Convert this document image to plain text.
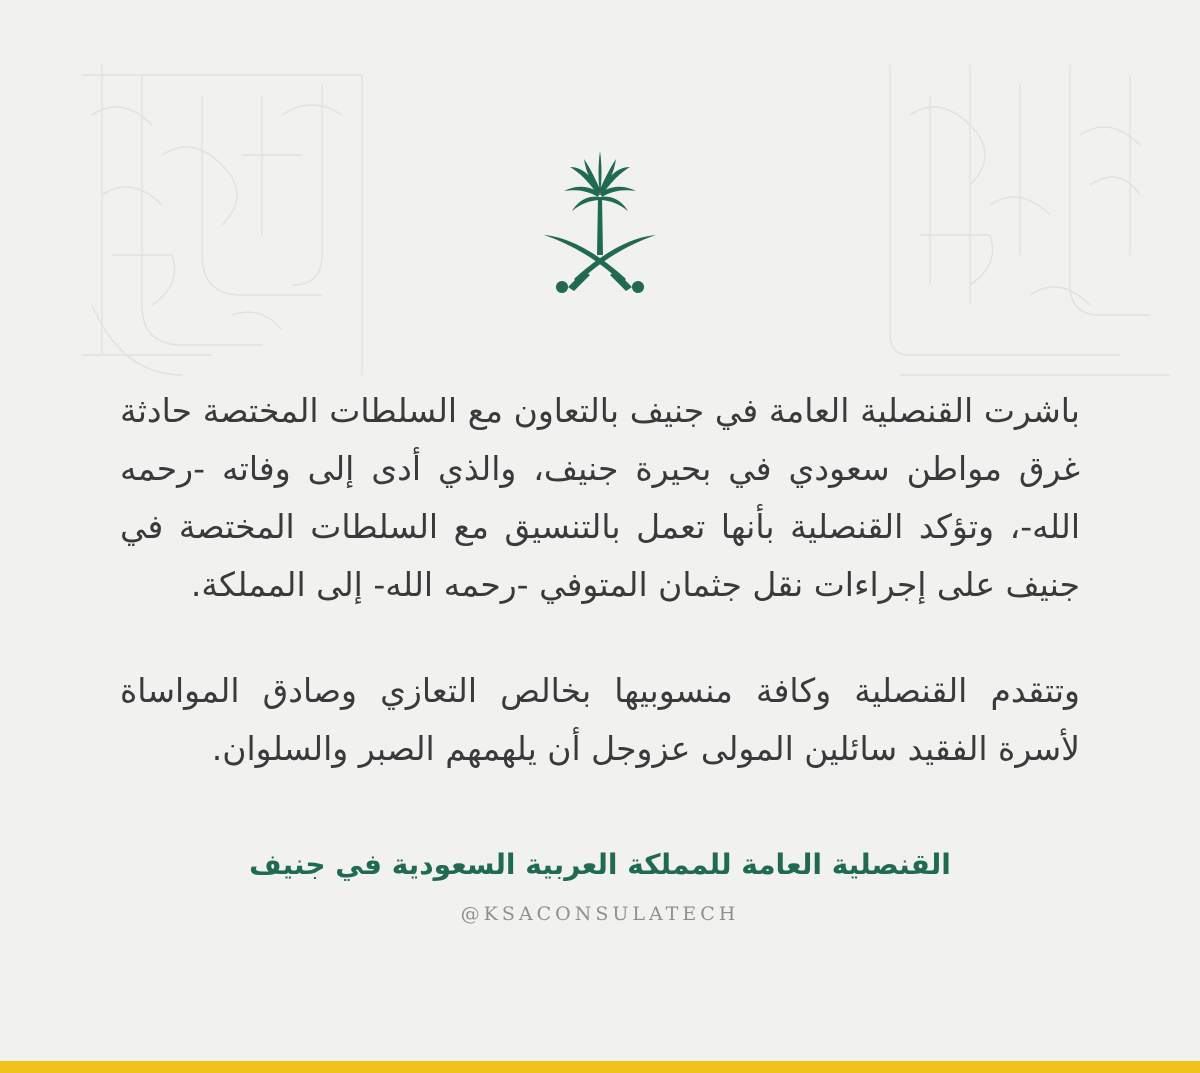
باشرت القنصلية العامة في جنيف بالتعاون مع السلطات المختصة حادثة غرق مواطن سعودي في بحيرة جنيف، والذي أدى إلى وفاته -رحمه الله-، وتؤكد القنصلية بأنها تعمل بالتنسيق مع السلطات المختصة في جنيف على إجراءات نقل جثمان المتوفي -رحمه الله- إلى المملكة.

وتتقدم القنصلية وكافة منسوبيها بخالص التعازي وصادق المواساة لأسرة الفقيد سائلين المولى عزوجل أن يلهمهم الصبر والسلوان.

القنصلية العامة للمملكة العربية السعودية في جنيف
@KSACONSULATECH
